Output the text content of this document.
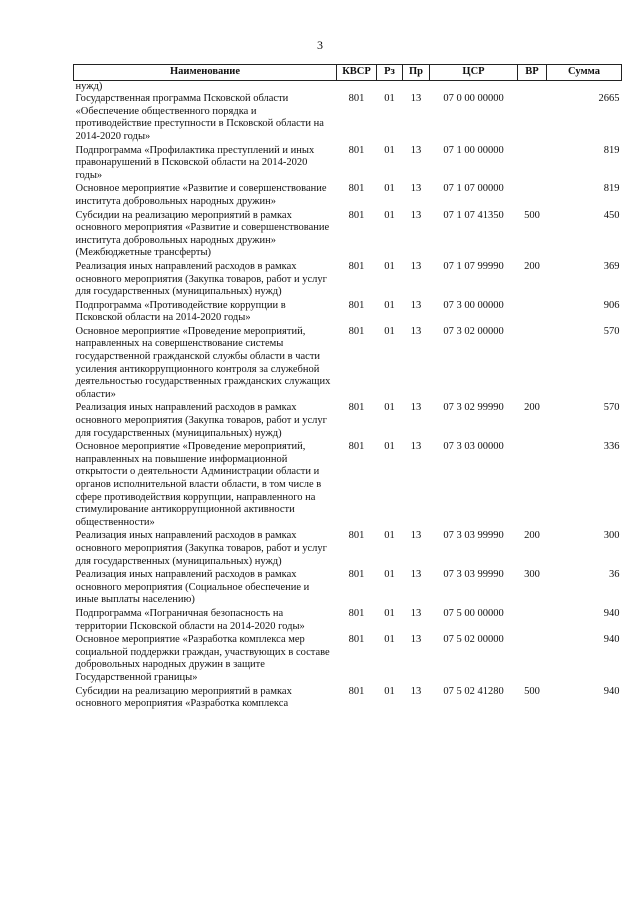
3
Наименование	КВСР	Рз	Пр	ЦСР	ВР	Сумма
нужд)						
Государственная программа Псковской области «Обеспечение общественного порядка и противодействие преступности в Псковской области на 2014-2020 годы»	801	01	13	07 0 00 00000		2665
Подпрограмма «Профилактика преступлений и иных правонарушений в Псковской области на 2014-2020 годы»	801	01	13	07 1 00 00000		819
Основное мероприятие «Развитие и совершенствование института добровольных народных дружин»	801	01	13	07 1 07 00000		819
Субсидии на реализацию мероприятий в рамках основного мероприятия «Развитие и совершенствование института добровольных народных дружин» (Межбюджетные трансферты)	801	01	13	07 1 07 41350	500	450
Реализация иных направлений расходов в рамках основного мероприятия (Закупка товаров, работ и услуг для государственных (муниципальных) нужд)	801	01	13	07 1 07 99990	200	369
Подпрограмма «Противодействие коррупции в Псковской области на 2014-2020 годы»	801	01	13	07 3 00 00000		906
Основное мероприятие «Проведение мероприятий, направленных на совершенствование системы государственной гражданской службы области в части усиления антикоррупционного контроля за служебной деятельностью государственных гражданских служащих области»	801	01	13	07 3 02 00000		570
Реализация иных направлений расходов в рамках основного мероприятия (Закупка товаров, работ и услуг для государственных (муниципальных) нужд)	801	01	13	07 3 02 99990	200	570
Основное мероприятие «Проведение мероприятий, направленных на повышение информационной открытости о деятельности Администрации области и органов исполнительной власти области, в том числе в сфере противодействия коррупции, направленного на стимулирование антикоррупционной активности общественности»	801	01	13	07 3 03 00000		336
Реализация иных направлений расходов в рамках основного мероприятия (Закупка товаров, работ и услуг для государственных (муниципальных) нужд)	801	01	13	07 3 03 99990	200	300
Реализация иных направлений расходов в рамках основного мероприятия (Социальное обеспечение и иные выплаты населению)	801	01	13	07 3 03 99990	300	36
Подпрограмма «Пограничная безопасность на территории Псковской области на 2014-2020 годы»	801	01	13	07 5 00 00000		940
Основное мероприятие «Разработка комплекса мер социальной поддержки граждан, участвующих в составе добровольных народных дружин в защите Государственной границы»	801	01	13	07 5 02 00000		940
Субсидии на реализацию мероприятий в рамках основного мероприятия «Разработка комплекса	801	01	13	07 5 02 41280	500	940
